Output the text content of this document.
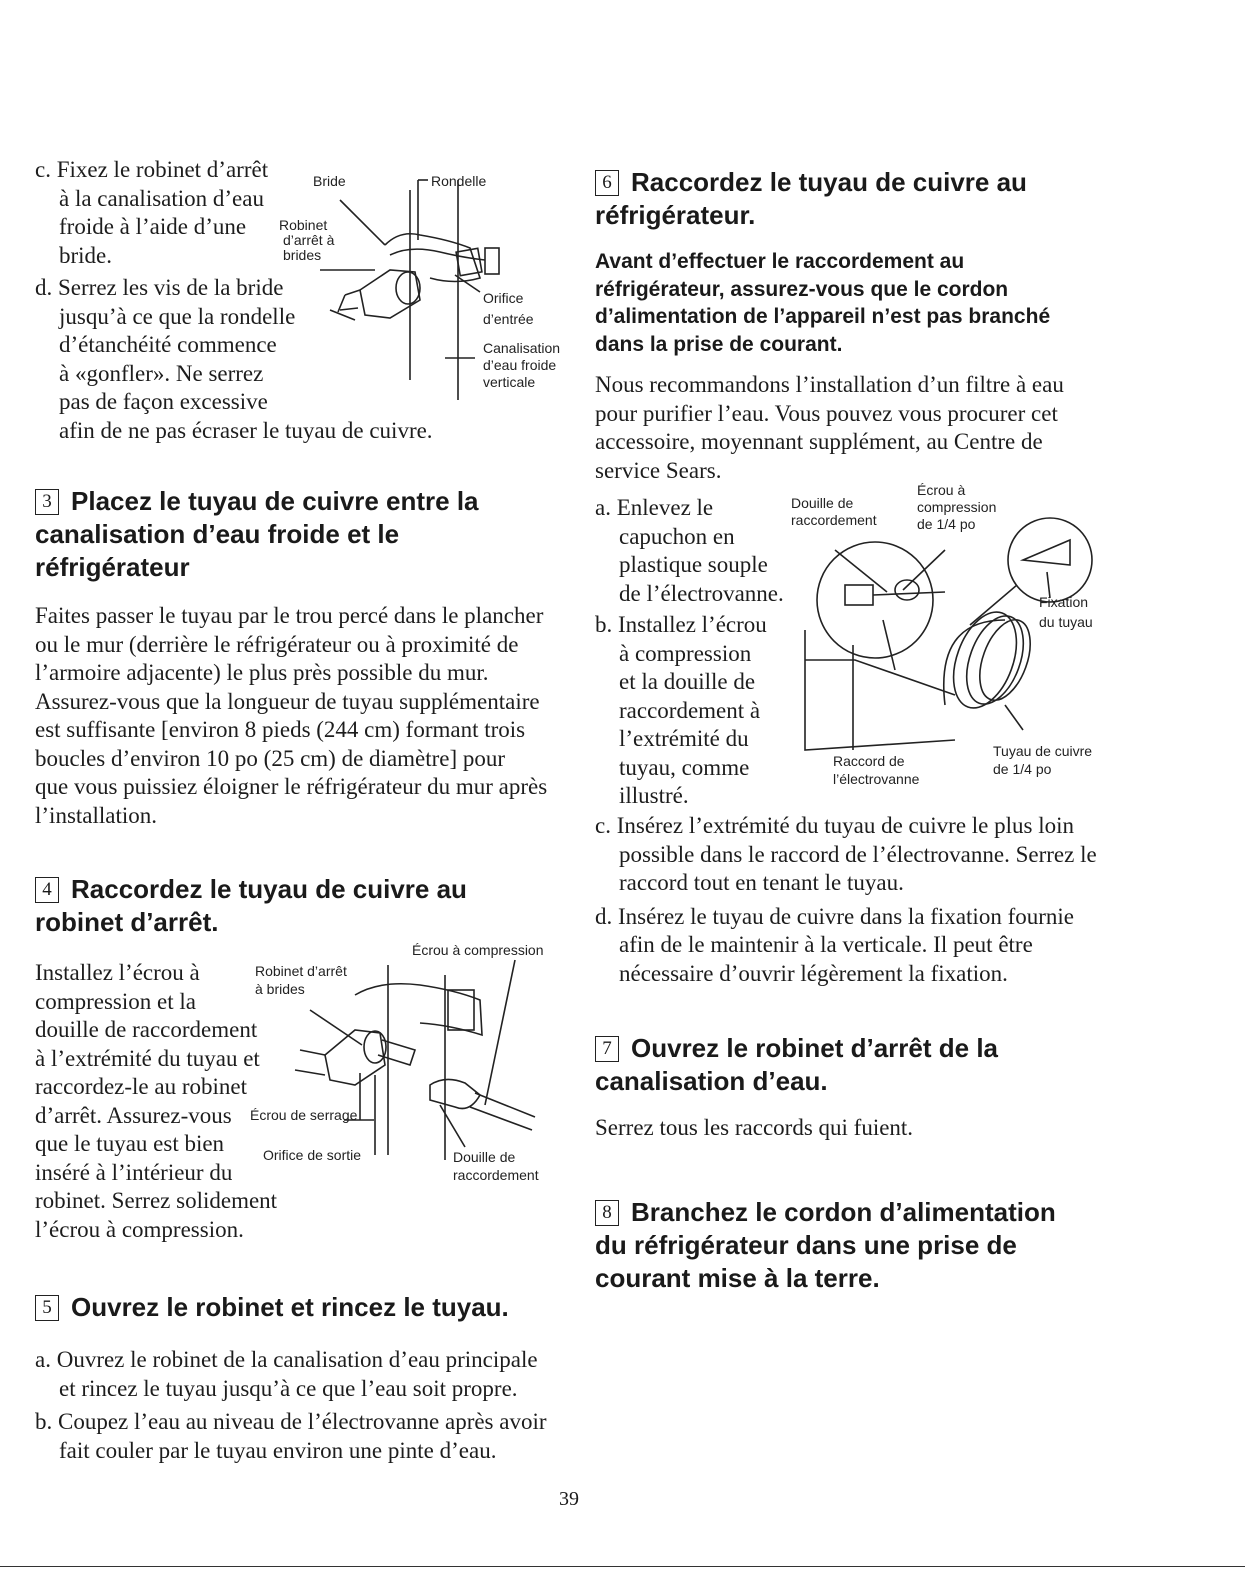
c. Fixez le robinet d’arrêt
à la canalisation d’eau
froide à l’aide d’une
bride.
d. Serrez les vis de la bride
jusqu’à ce que la rondelle
d’étanchéité commence
à «gonfler». Ne serrez
pas de façon excessive
afin de ne pas écraser le tuyau de cuivre.
Bride	Rondelle
Robinet
d’arrêt à
brides
Orifice
d’entrée
Canalisation
d’eau froide
verticale
3 Placez le tuyau de cuivre entre la
canalisation d’eau froide et le
réfrigérateur
Faites passer le tuyau par le trou percé dans le plancher
ou le mur (derrière le réfrigérateur ou à proximité de
l’armoire adjacente) le plus près possible du mur.
Assurez-vous que la longueur de tuyau supplémentaire
est suffisante [environ 8 pieds (244 cm) formant trois
boucles d’environ 10 po (25 cm) de diamètre] pour
que vous puissiez éloigner le réfrigérateur du mur après
l’installation.
4 Raccordez le tuyau de cuivre au
robinet d’arrêt.
Installez l’écrou à
compression et la
douille de raccordement
à l’extrémité du tuyau et
raccordez-le au robinet
d’arrêt. Assurez-vous
que le tuyau est bien
inséré à l’intérieur du
robinet. Serrez solidement
l’écrou à compression.
Écrou à compression
Robinet d’arrêt
à brides
Écrou de serrage
Orifice de sortie	Douille de
raccordement
5 Ouvrez le robinet et rincez le tuyau.
a. Ouvrez le robinet de la canalisation d’eau principale
et rincez le tuyau jusqu’à ce que l’eau soit propre.
b. Coupez l’eau au niveau de l’électrovanne après avoir
fait couler par le tuyau environ une pinte d’eau.
6 Raccordez le tuyau de cuivre au
réfrigérateur.
Avant d’effectuer le raccordement au
réfrigérateur, assurez-vous que le cordon
d’alimentation de l’appareil n’est pas branché
dans la prise de courant.
Nous recommandons l’installation d’un filtre à eau
pour purifier l’eau. Vous pouvez vous procurer cet
accessoire, moyennant supplément, au Centre de
service Sears.
a. Enlevez le
capuchon en
plastique souple
de l’électrovanne.
b. Installez l’écrou
à compression
et la douille de
raccordement à
l’extrémité du
tuyau, comme
illustré.
Douille de
raccordement
Écrou à
compression
de 1/4 po
Fixation
du tuyau
Raccord de
l’électrovanne
Tuyau de cuivre
de 1/4 po
c. Insérez l’extrémité du tuyau de cuivre le plus loin
possible dans le raccord de l’électrovanne. Serrez le
raccord tout en tenant le tuyau.
d. Insérez le tuyau de cuivre dans la fixation fournie
afin de le maintenir à la verticale. Il peut être
nécessaire d’ouvrir légèrement la fixation.
7 Ouvrez le robinet d’arrêt de la
canalisation d’eau.
Serrez tous les raccords qui fuient.
8 Branchez le cordon d’alimentation
du réfrigérateur dans une prise de
courant mise à la terre.
39
